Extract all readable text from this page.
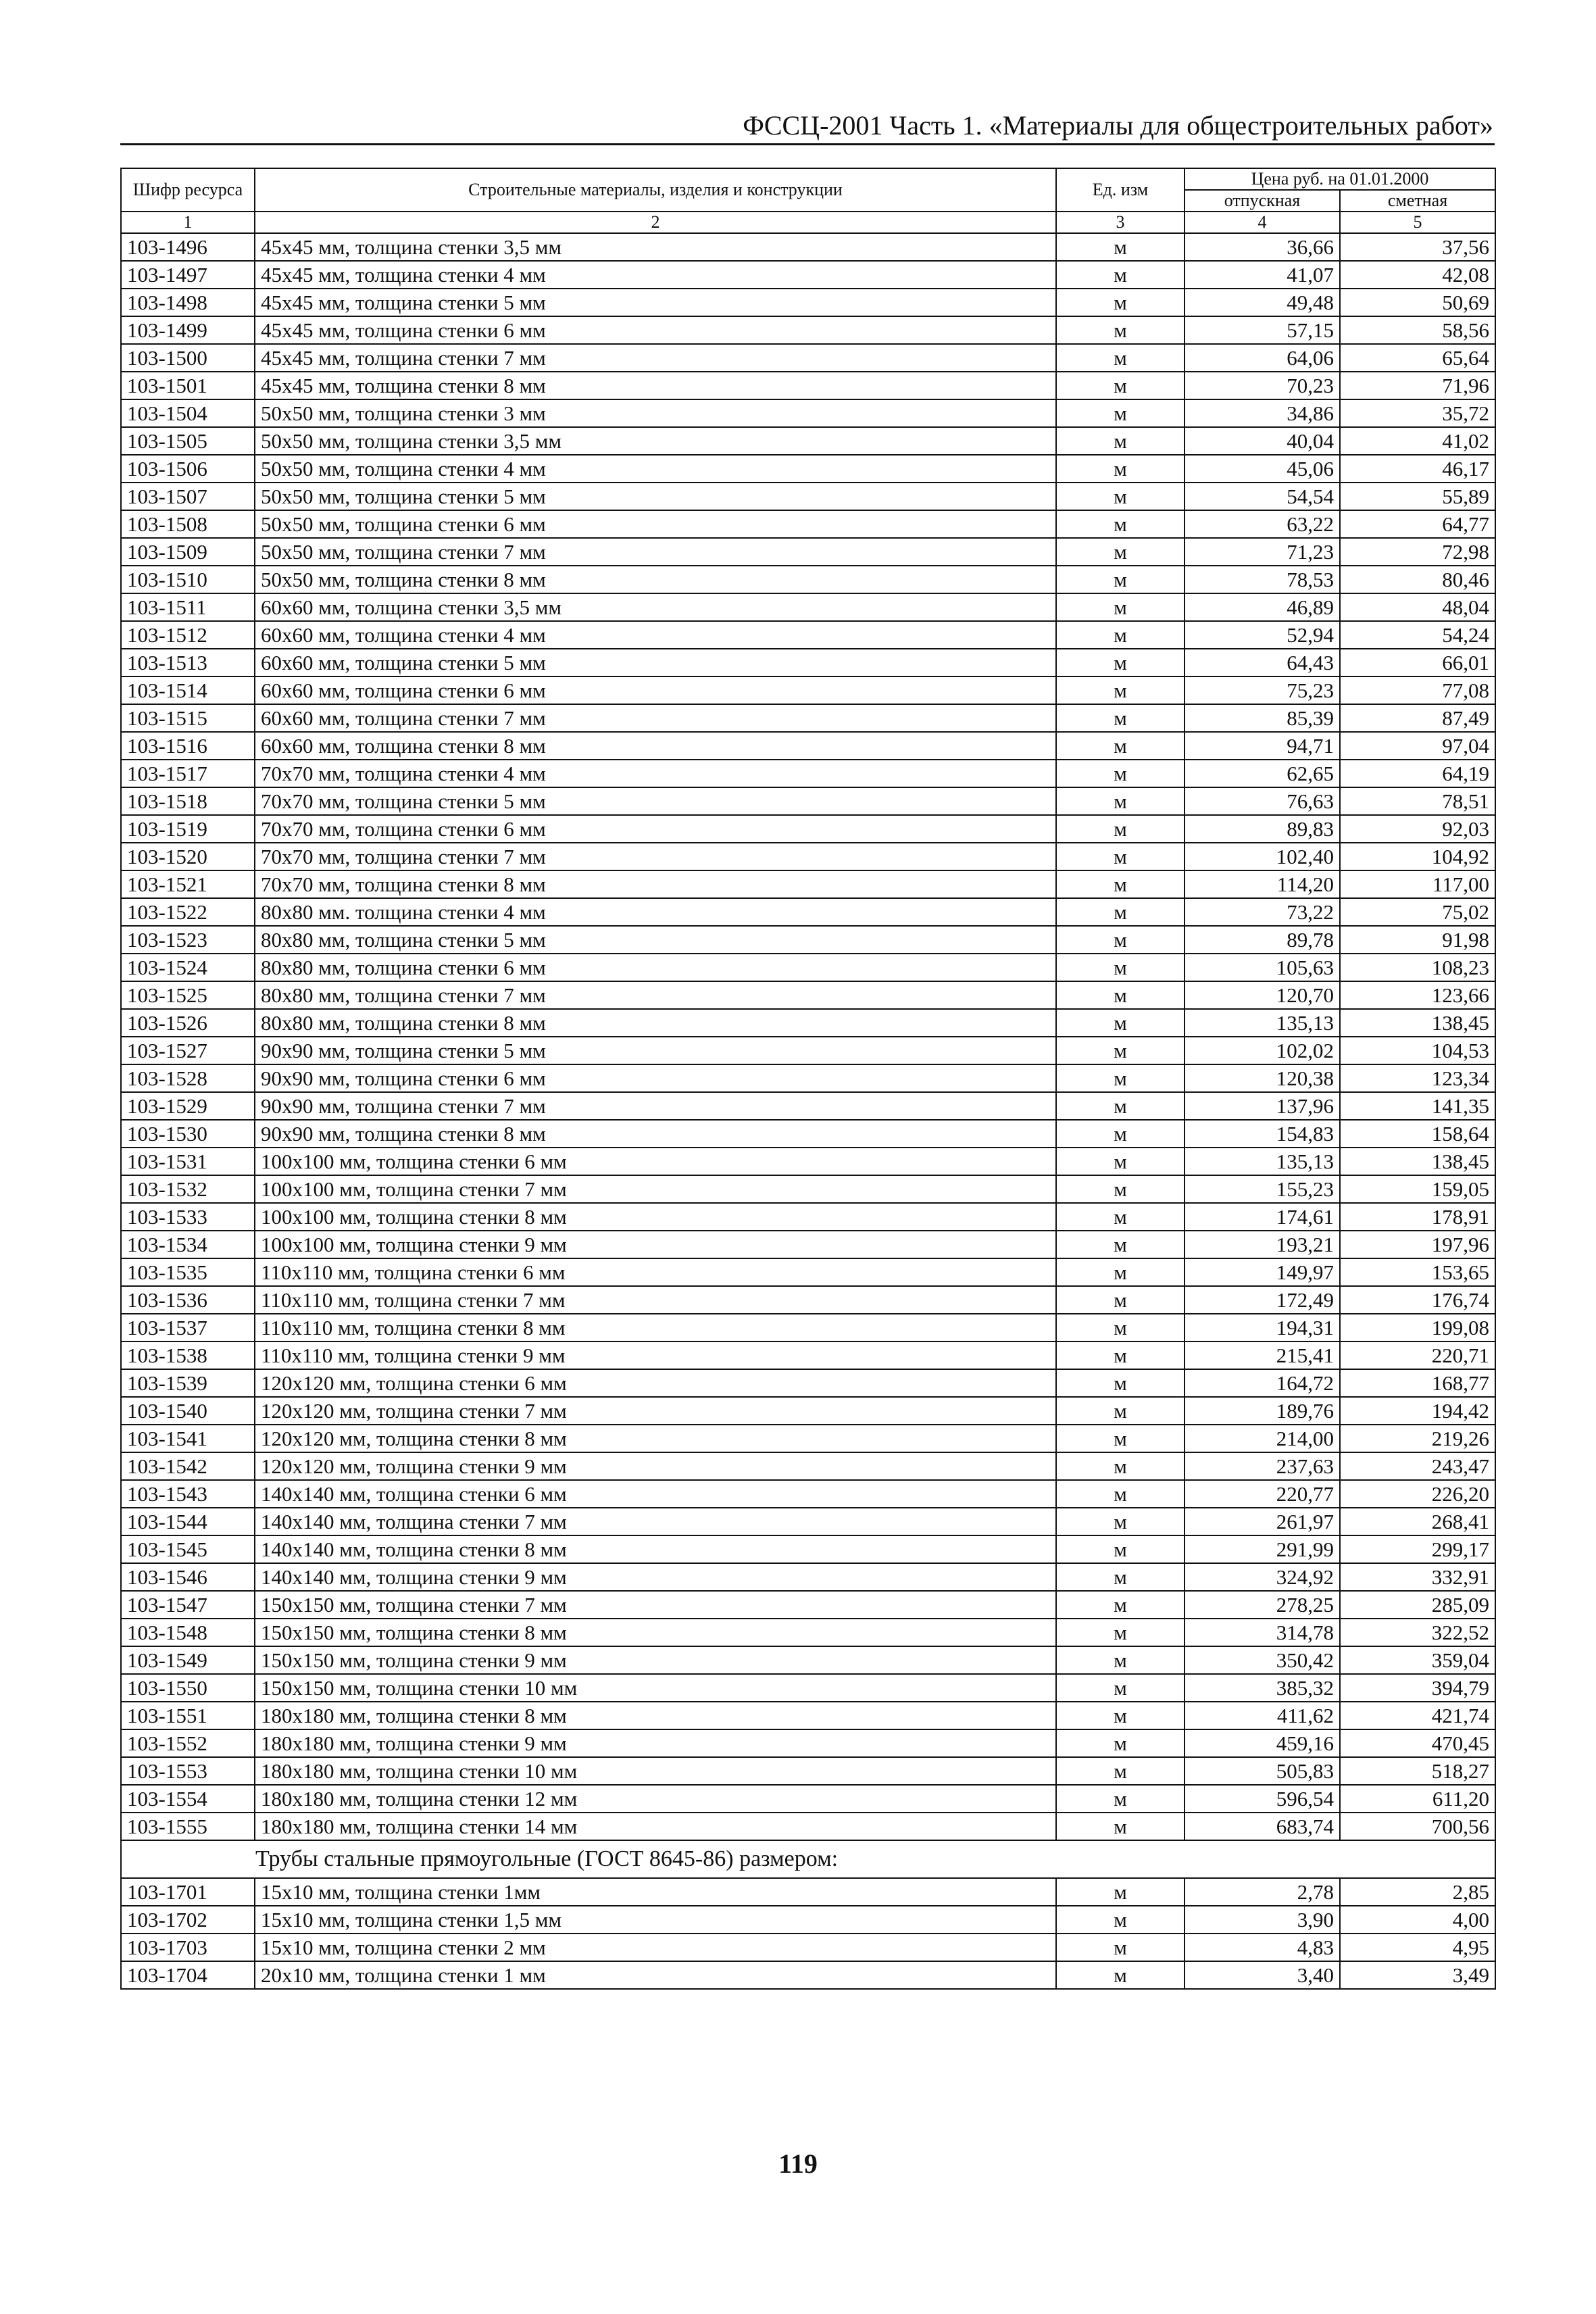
ФССЦ-2001 Часть 1. «Материалы для общестроительных работ»
Шифр ресурса	Строительные материалы, изделия и конструкции	Ед. изм	Цена руб. на 01.01.2000	
			отпускная	сметная
1	2	3	4	5
103-1496	45x45 мм, толщина стенки 3,5 мм	м	36,66	37,56
103-1497	45x45 мм, толщина стенки 4 мм	м	41,07	42,08
103-1498	45x45 мм, толщина стенки 5 мм	м	49,48	50,69
103-1499	45x45 мм, толщина стенки 6 мм	м	57,15	58,56
103-1500	45x45 мм, толщина стенки 7 мм	м	64,06	65,64
103-1501	45x45 мм, толщина стенки 8 мм	м	70,23	71,96
103-1504	50x50 мм, толщина стенки 3 мм	м	34,86	35,72
103-1505	50x50 мм, толщина стенки 3,5 мм	м	40,04	41,02
103-1506	50x50 мм, толщина стенки 4 мм	м	45,06	46,17
103-1507	50x50 мм, толщина стенки 5 мм	м	54,54	55,89
103-1508	50x50 мм, толщина стенки 6 мм	м	63,22	64,77
103-1509	50x50 мм, толщина стенки 7 мм	м	71,23	72,98
103-1510	50x50 мм, толщина стенки 8 мм	м	78,53	80,46
103-1511	60x60 мм, толщина стенки 3,5 мм	м	46,89	48,04
103-1512	60x60 мм, толщина стенки 4 мм	м	52,94	54,24
103-1513	60x60 мм, толщина стенки 5 мм	м	64,43	66,01
103-1514	60x60 мм, толщина стенки 6 мм	м	75,23	77,08
103-1515	60x60 мм, толщина стенки 7 мм	м	85,39	87,49
103-1516	60x60 мм, толщина стенки 8 мм	м	94,71	97,04
103-1517	70x70 мм, толщина стенки 4 мм	м	62,65	64,19
103-1518	70x70 мм, толщина стенки 5 мм	м	76,63	78,51
103-1519	70x70 мм, толщина стенки 6 мм	м	89,83	92,03
103-1520	70x70 мм, толщина стенки 7 мм	м	102,40	104,92
103-1521	70x70 мм, толщина стенки 8 мм	м	114,20	117,00
103-1522	80x80 мм. толщина стенки 4 мм	м	73,22	75,02
103-1523	80x80 мм, толщина стенки 5 мм	м	89,78	91,98
103-1524	80x80 мм, толщина стенки 6 мм	м	105,63	108,23
103-1525	80x80 мм, толщина стенки 7 мм	м	120,70	123,66
103-1526	80x80 мм, толщина стенки 8 мм	м	135,13	138,45
103-1527	90x90 мм, толщина стенки 5 мм	м	102,02	104,53
103-1528	90x90 мм, толщина стенки 6 мм	м	120,38	123,34
103-1529	90x90 мм, толщина стенки 7 мм	м	137,96	141,35
103-1530	90x90 мм, толщина стенки 8 мм	м	154,83	158,64
103-1531	100x100 мм, толщина стенки 6 мм	м	135,13	138,45
103-1532	100x100 мм, толщина стенки 7 мм	м	155,23	159,05
103-1533	100x100 мм, толщина стенки 8 мм	м	174,61	178,91
103-1534	100x100 мм, толщина стенки 9 мм	м	193,21	197,96
103-1535	110x110 мм, толщина стенки 6 мм	м	149,97	153,65
103-1536	110x110 мм, толщина стенки 7 мм	м	172,49	176,74
103-1537	110x110 мм, толщина стенки 8 мм	м	194,31	199,08
103-1538	110x110 мм, толщина стенки 9 мм	м	215,41	220,71
103-1539	120x120 мм, толщина стенки 6 мм	м	164,72	168,77
103-1540	120x120 мм, толщина стенки 7 мм	м	189,76	194,42
103-1541	120x120 мм, толщина стенки 8 мм	м	214,00	219,26
103-1542	120x120 мм, толщина стенки 9 мм	м	237,63	243,47
103-1543	140x140 мм, толщина стенки 6 мм	м	220,77	226,20
103-1544	140x140 мм, толщина стенки 7 мм	м	261,97	268,41
103-1545	140x140 мм, толщина стенки 8 мм	м	291,99	299,17
103-1546	140x140 мм, толщина стенки 9 мм	м	324,92	332,91
103-1547	150x150 мм, толщина стенки 7 мм	м	278,25	285,09
103-1548	150x150 мм, толщина стенки 8 мм	м	314,78	322,52
103-1549	150x150 мм, толщина стенки 9 мм	м	350,42	359,04
103-1550	150x150 мм, толщина стенки 10 мм	м	385,32	394,79
103-1551	180x180 мм, толщина стенки 8 мм	м	411,62	421,74
103-1552	180x180 мм, толщина стенки 9 мм	м	459,16	470,45
103-1553	180x180 мм, толщина стенки 10 мм	м	505,83	518,27
103-1554	180x180 мм, толщина стенки 12 мм	м	596,54	611,20
103-1555	180x180 мм, толщина стенки 14 мм	м	683,74	700,56
Трубы стальные прямоугольные (ГОСТ 8645-86) размером:				
103-1701	15x10 мм, толщина стенки 1мм	м	2,78	2,85
103-1702	15x10 мм, толщина стенки 1,5 мм	м	3,90	4,00
103-1703	15x10 мм, толщина стенки 2 мм	м	4,83	4,95
103-1704	20x10 мм, толщина стенки 1 мм	м	3,40	3,49
119
